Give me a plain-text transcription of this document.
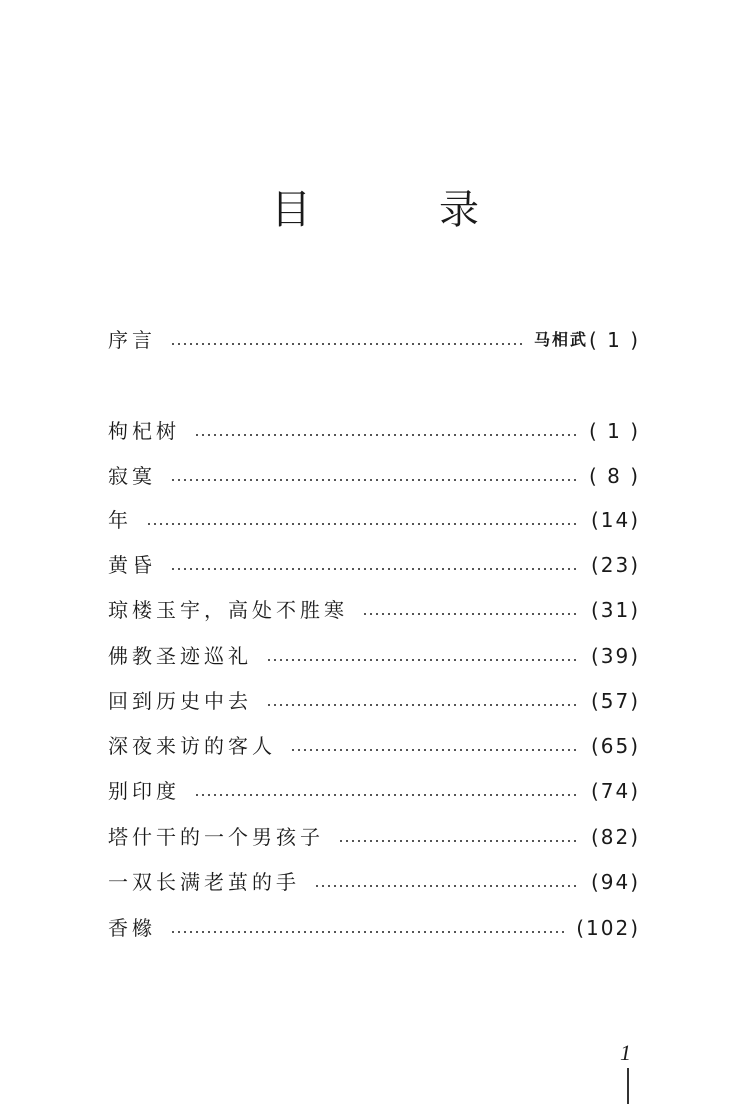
目　录
序言	马相武 ( 1 )
枸杞树	( 1 )
寂寞	( 8 )
年	(14)
黄昏	(23)
琼楼玉宇，高处不胜寒	(31)
佛教圣迹巡礼	(39)
回到历史中去	(57)
深夜来访的客人	(65)
别印度	(74)
塔什干的一个男孩子	(82)
一双长满老茧的手	(94)
香橼	(102)
1
